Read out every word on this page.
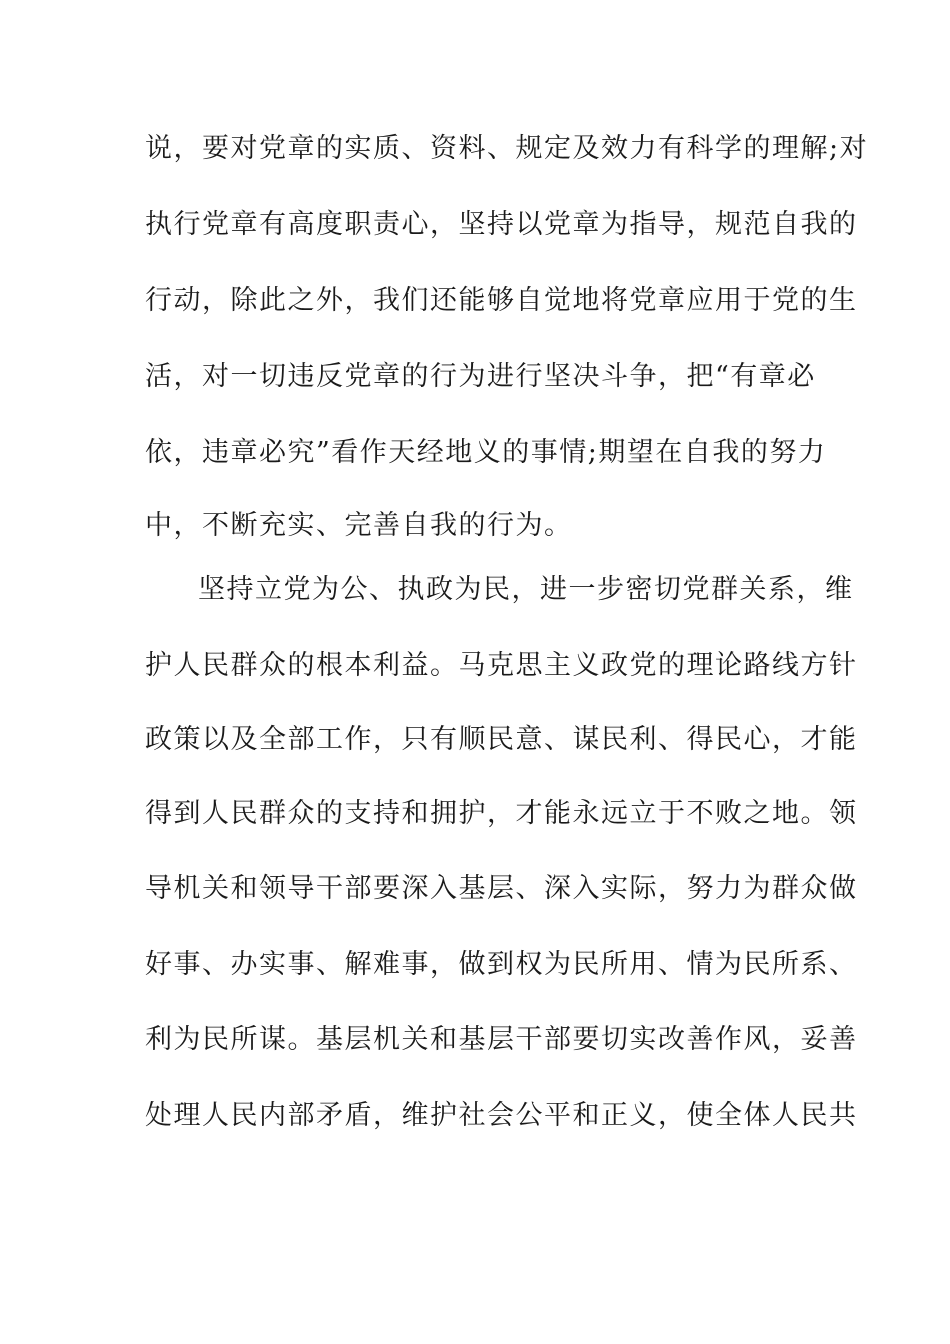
说，要对党章的实质、资料、规定及效力有科学的理解;对
执行党章有高度职责心，坚持以党章为指导，规范自我的
行动，除此之外，我们还能够自觉地将党章应用于党的生
活，对一切违反党章的行为进行坚决斗争，把“有章必
依，违章必究”看作天经地义的事情;期望在自我的努力
中，不断充实、完善自我的行为。
坚持立党为公、执政为民，进一步密切党群关系，维
护人民群众的根本利益。马克思主义政党的理论路线方针
政策以及全部工作，只有顺民意、谋民利、得民心，才能
得到人民群众的支持和拥护，才能永远立于不败之地。领
导机关和领导干部要深入基层、深入实际，努力为群众做
好事、办实事、解难事，做到权为民所用、情为民所系、
利为民所谋。基层机关和基层干部要切实改善作风，妥善
处理人民内部矛盾，维护社会公平和正义，使全体人民共
